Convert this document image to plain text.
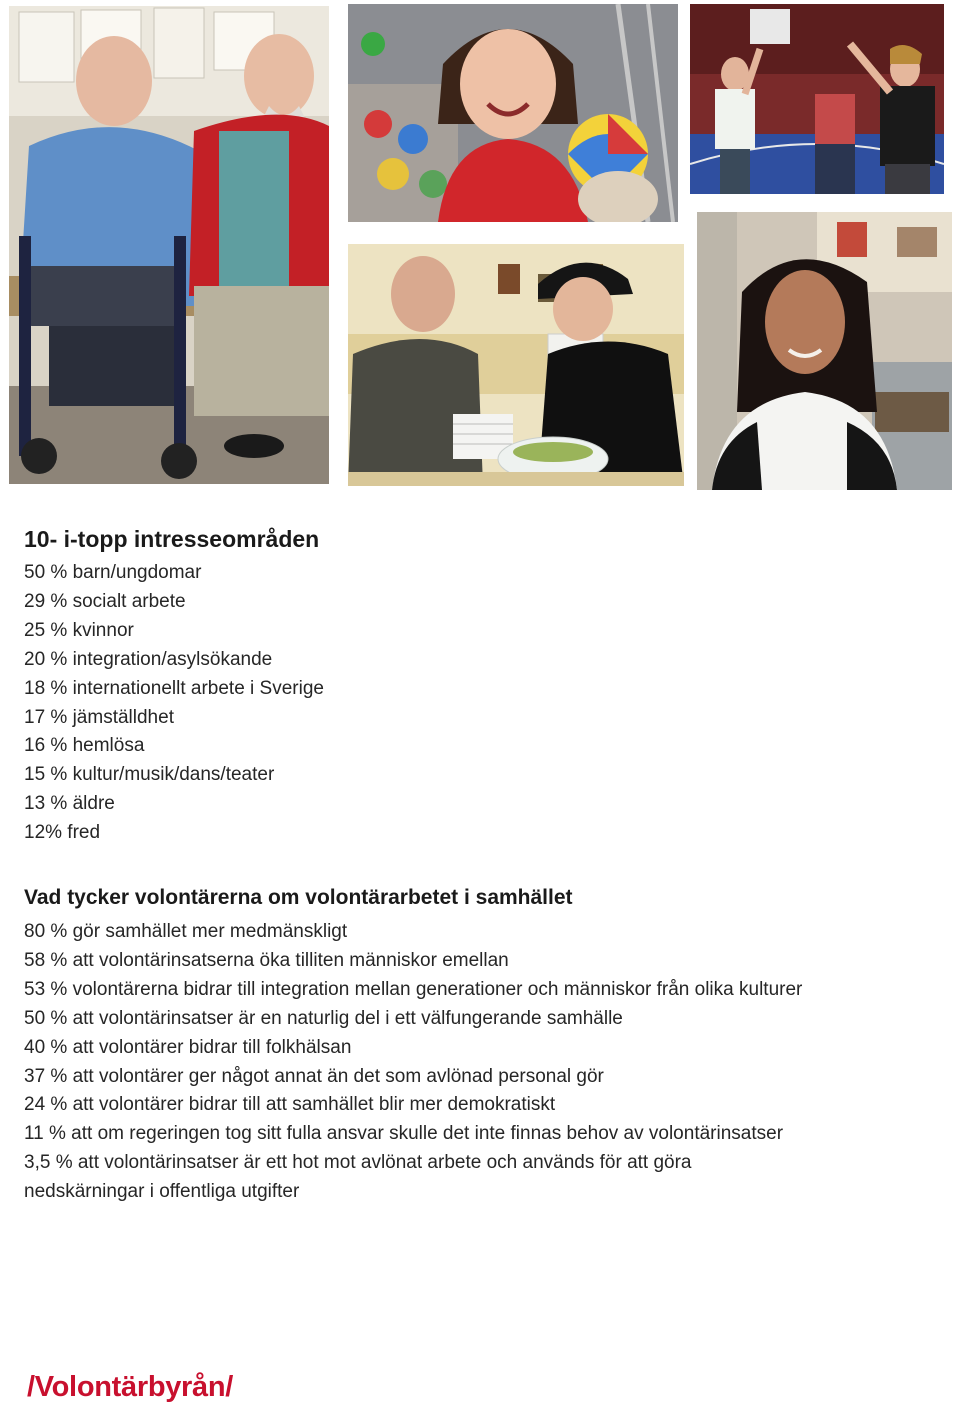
10- i-topp intresseområden
50 % barn/ungdomar
29 % socialt arbete
25 % kvinnor
20 % integration/asylsökande
18 % internationellt arbete i Sverige
17 % jämställdhet
16 % hemlösa
15 % kultur/musik/dans/teater
13 % äldre
12% fred
Vad tycker volontärerna om volontärarbetet i samhället
80 % gör samhället mer medmänskligt
58 % att volontärinsatserna öka tilliten människor emellan
53 % volontärerna bidrar till integration mellan generationer och människor från olika kulturer
50 % att volontärinsatser är en naturlig del i ett välfungerande samhälle
40 % att volontärer bidrar till folkhälsan
37 % att volontärer ger något annat än det som avlönad personal gör
24 % att volontärer bidrar till att samhället blir mer demokratiskt
11 % att om regeringen tog sitt fulla ansvar skulle det inte finnas behov av volontärinsatser
3,5 % att volontärinsatser är ett hot mot avlönat arbete och används för att göra nedskärningar i offentliga utgifter
/Volontärbyrån/
